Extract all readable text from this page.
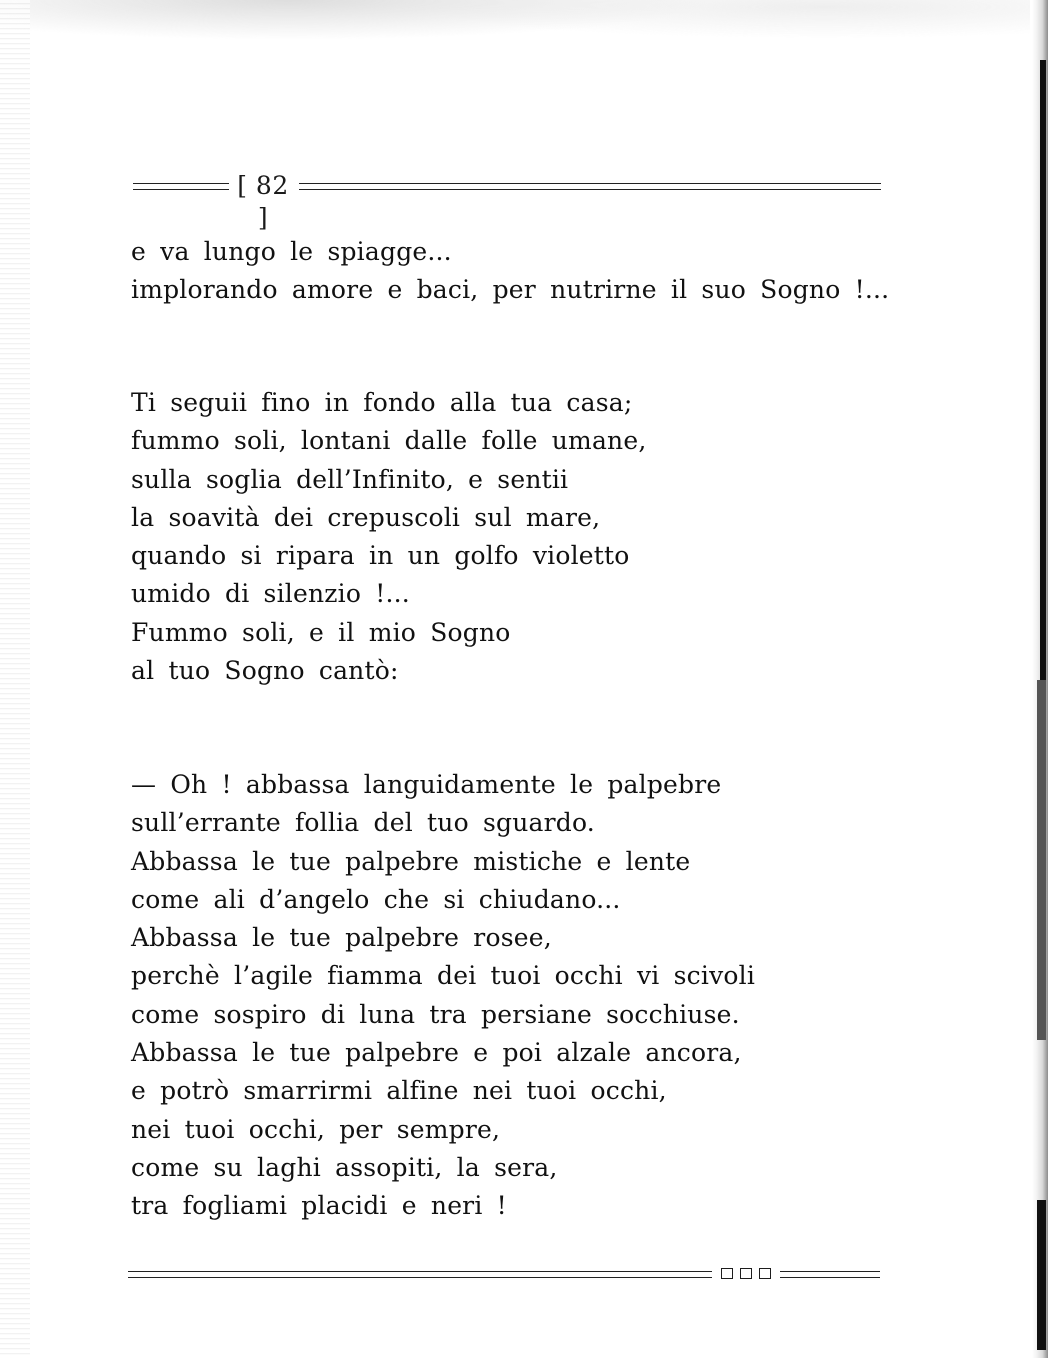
[ 82 ]
e va lungo le spiagge...
implorando amore e baci, per nutrirne il suo Sogno !...
Ti seguii fino in fondo alla tua casa;
fummo soli, lontani dalle folle umane,
sulla soglia dell’Infinito, e sentii
la soavità dei crepuscoli sul mare,
quando si ripara in un golfo violetto
umido di silenzio !...
Fummo soli, e il mio Sogno
al tuo Sogno cantò:
— Oh ! abbassa languidamente le palpebre
sull’errante follia del tuo sguardo.
Abbassa le tue palpebre mistiche e lente
come ali d’angelo che si chiudano...
Abbassa le tue palpebre rosee,
perchè l’agile fiamma dei tuoi occhi vi scivoli
come sospiro di luna tra persiane socchiuse.
Abbassa le tue palpebre e poi alzale ancora,
e potrò smarrirmi alfine nei tuoi occhi,
nei tuoi occhi, per sempre,
come su laghi assopiti, la sera,
tra fogliami placidi e neri !
